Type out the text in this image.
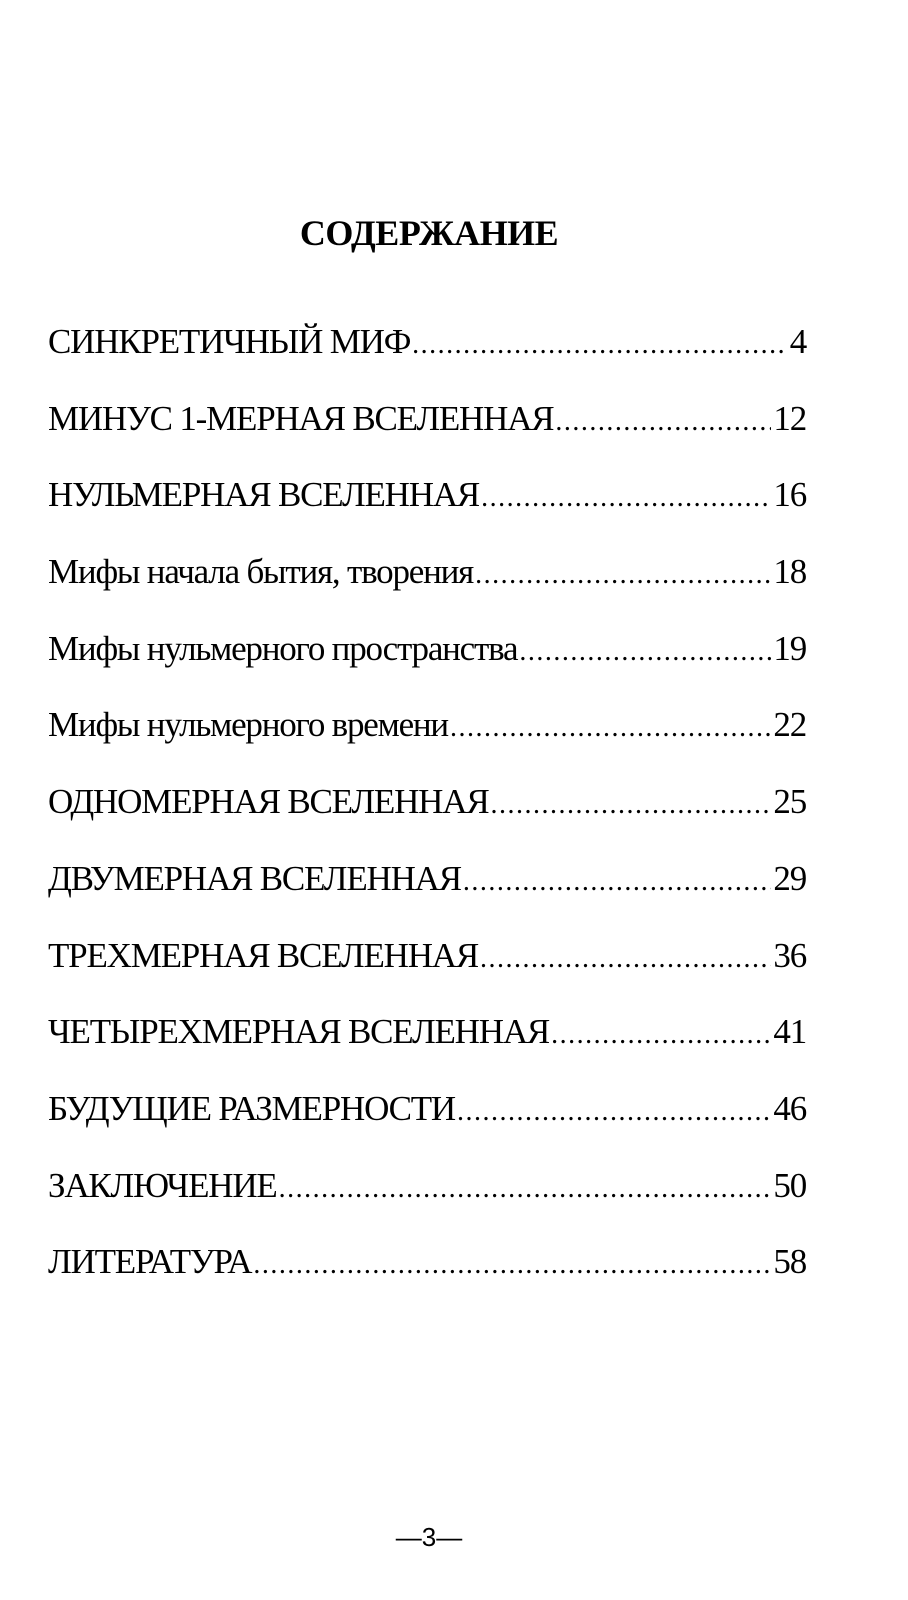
СОДЕРЖАНИЕ
СИНКРЕТИЧНЫЙ МИФ .....	4
МИНУС 1-МЕРНАЯ ВСЕЛЕННАЯ .....	12
НУЛЬМЕРНАЯ ВСЕЛЕННАЯ .....	16
Мифы начала бытия, творения .....	18
Мифы нульмерного пространства .....	19
Мифы нульмерного времени .....	22
ОДНОМЕРНАЯ ВСЕЛЕННАЯ .....	25
ДВУМЕРНАЯ ВСЕЛЕННАЯ .....	29
ТРЕХМЕРНАЯ ВСЕЛЕННАЯ .....	36
ЧЕТЫРЕХМЕРНАЯ ВСЕЛЕННАЯ .....	41
БУДУЩИЕ РАЗМЕРНОСТИ .....	46
ЗАКЛЮЧЕНИЕ .....	50
ЛИТЕРАТУРА .....	58
—3—
